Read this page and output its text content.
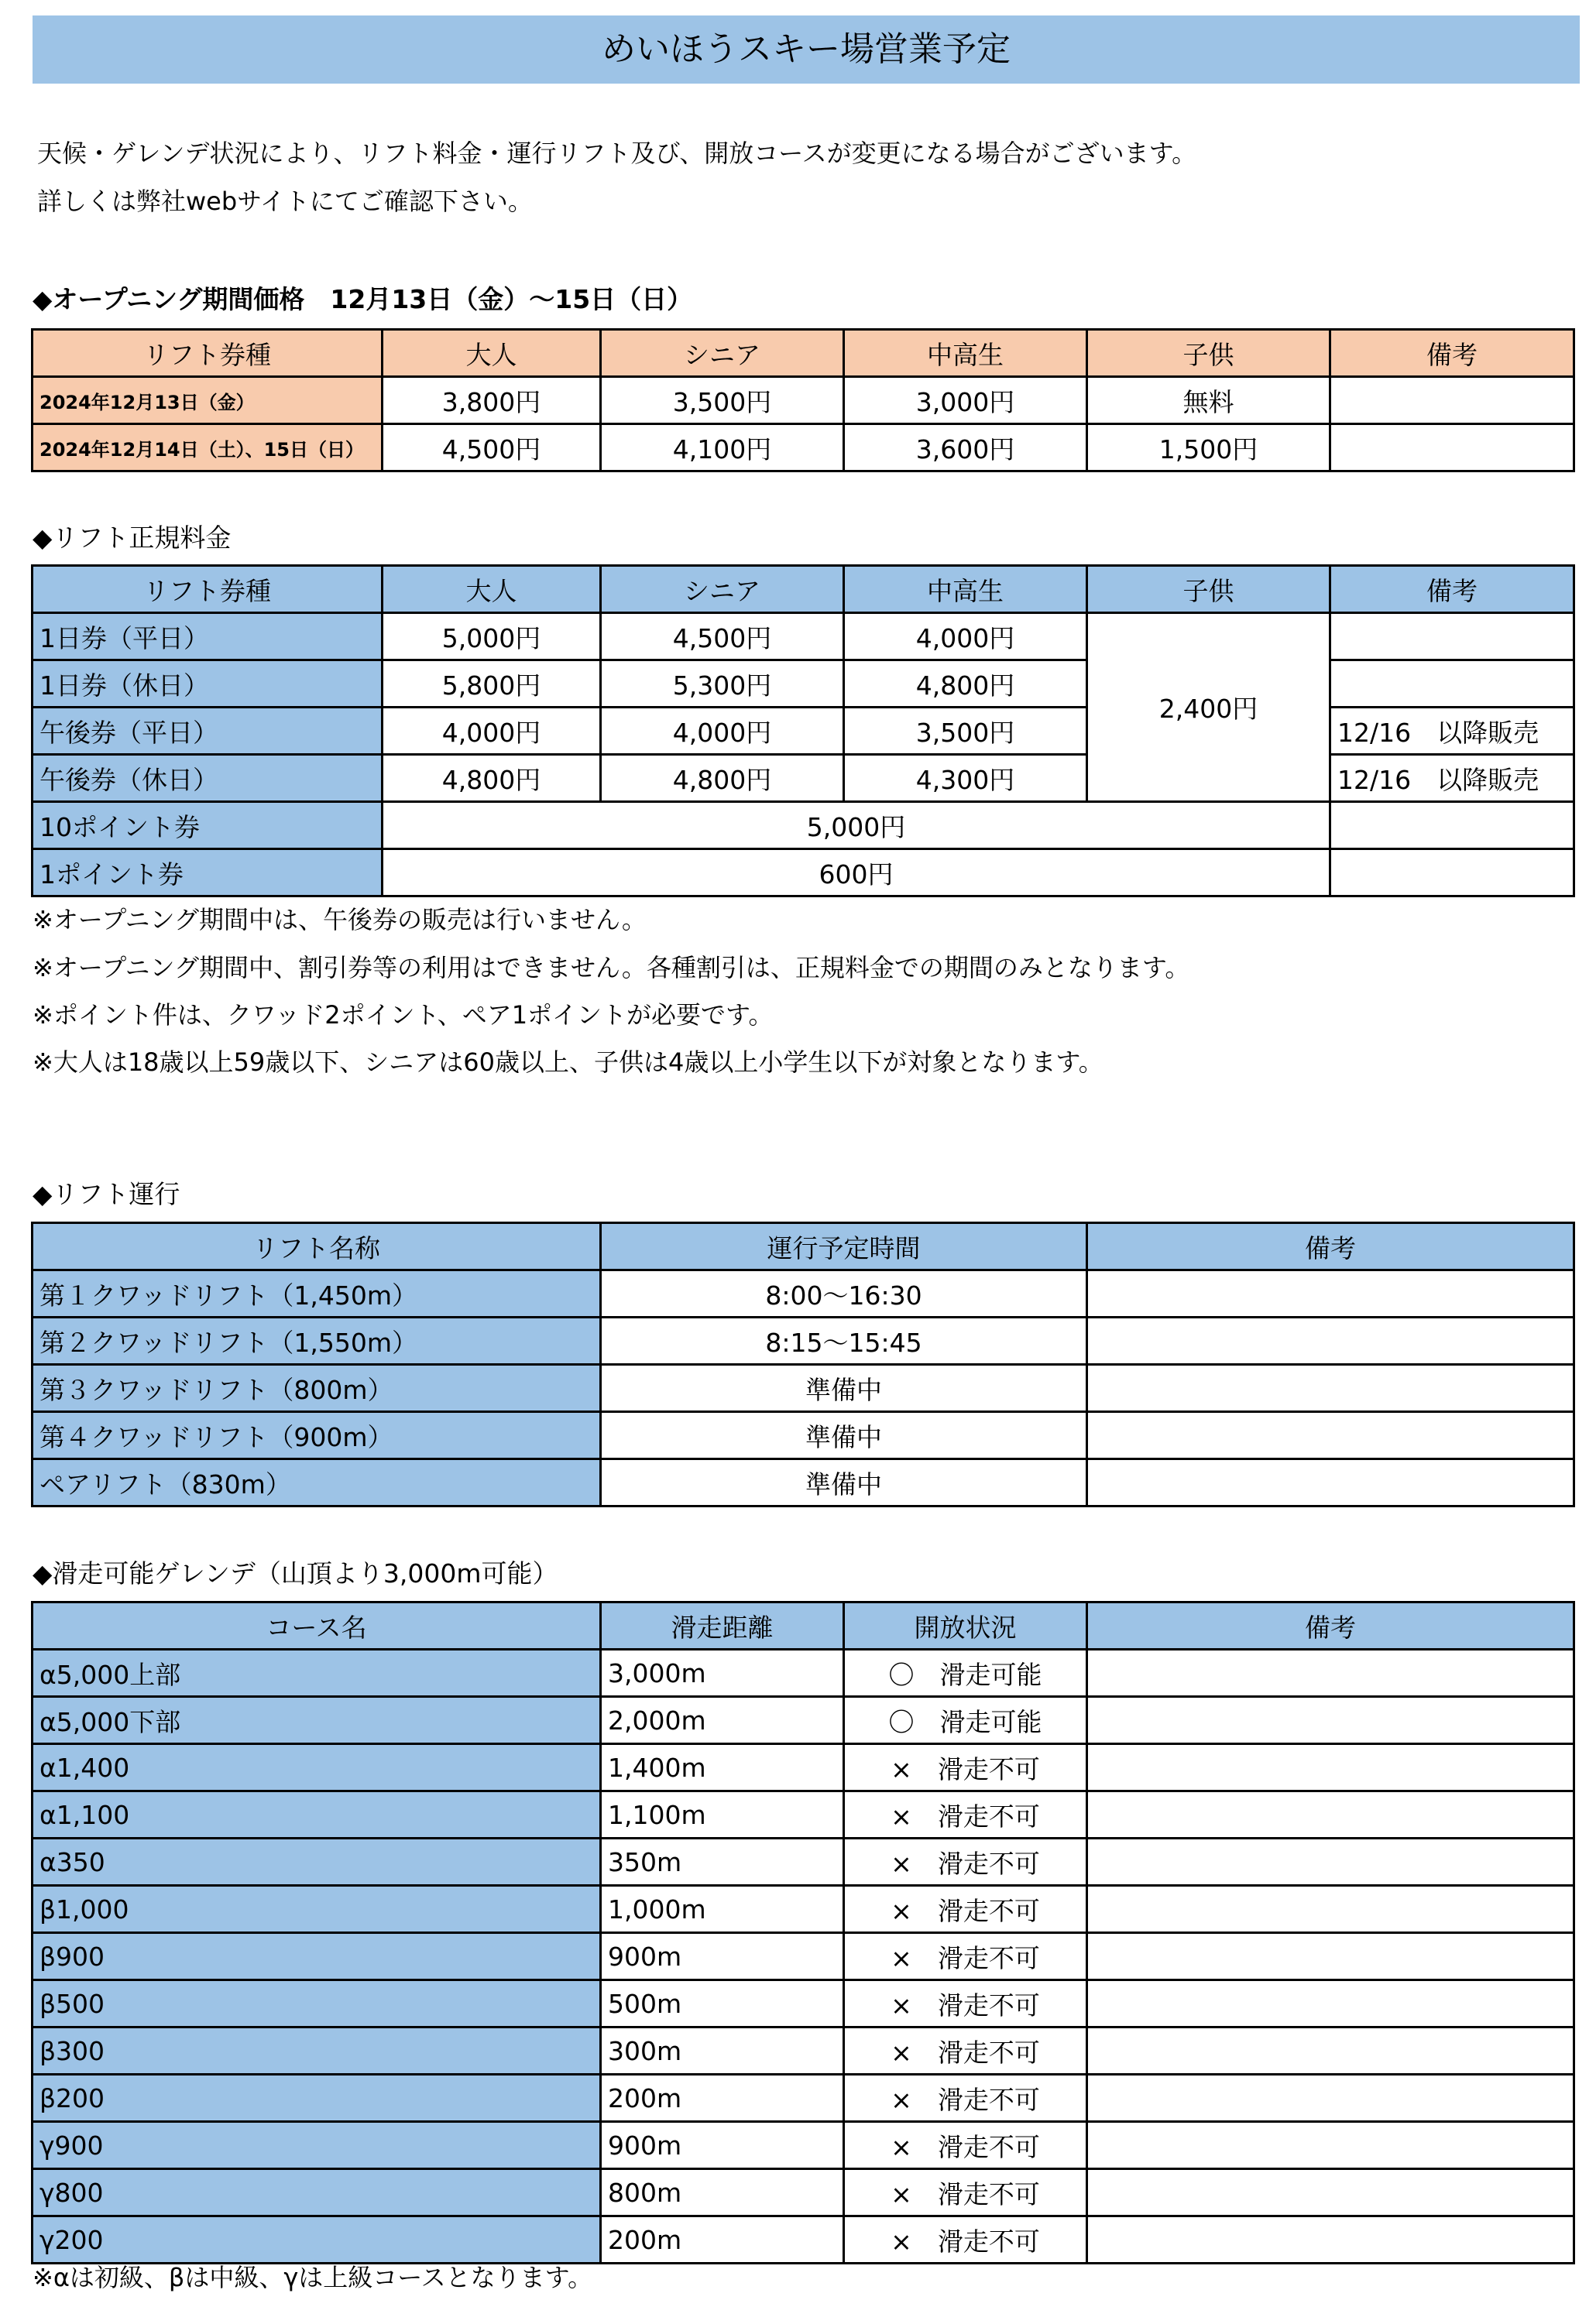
めいほうスキー場営業予定
天候・ゲレンデ状況により、リフト料金・運行リフト及び、開放コースが変更になる場合がございます。
詳しくは弊社webサイトにてご確認下さい。
◆オープニング期間価格　12月13日（金）～15日（日）
リフト券種	大人	シニア	中高生	子供	備考
2024年12月13日（金）	3,800円	3,500円	3,000円	無料	
2024年12月14日（土）、15日（日）	4,500円	4,100円	3,600円	1,500円	
◆リフト正規料金
リフト券種	大人	シニア	中高生	子供	備考
1日券（平日）	5,000円	4,500円	4,000円	2,400円	
1日券（休日）	5,800円	5,300円	4,800円		
午後券（平日）	4,000円	4,000円	3,500円		12/16　以降販売
午後券（休日）	4,800円	4,800円	4,300円		12/16　以降販売
10ポイント券	5,000円				
1ポイント券	600円				
※オープニング期間中は、午後券の販売は行いません。
※オープニング期間中、割引券等の利用はできません。各種割引は、正規料金での期間のみとなります。
※ポイント件は、クワッド2ポイント、ペア1ポイントが必要です。
※大人は18歳以上59歳以下、シニアは60歳以上、子供は4歳以上小学生以下が対象となります。
◆リフト運行
リフト名称	運行予定時間	備考
第１クワッドリフト（1,450m）	8:00～16:30	
第２クワッドリフト（1,550m）	8:15～15:45	
第３クワッドリフト（800m）	準備中	
第４クワッドリフト（900m）	準備中	
ペアリフト（830m）	準備中	
◆滑走可能ゲレンデ（山頂より3,000m可能）
コース名	滑走距離	開放状況	備考
α5,000上部	3,000m	〇　滑走可能	
α5,000下部	2,000m	〇　滑走可能	
α1,400	1,400m	×　滑走不可	
α1,100	1,100m	×　滑走不可	
α350	350m	×　滑走不可	
β1,000	1,000m	×　滑走不可	
β900	900m	×　滑走不可	
β500	500m	×　滑走不可	
β300	300m	×　滑走不可	
β200	200m	×　滑走不可	
γ900	900m	×　滑走不可	
γ800	800m	×　滑走不可	
γ200	200m	×　滑走不可	
※αは初級、βは中級、γは上級コースとなります。
